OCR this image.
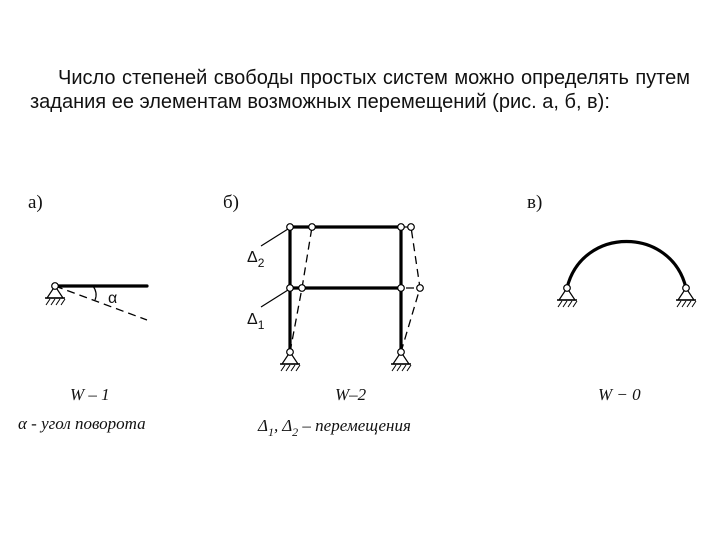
Число степеней свободы простых систем можно определять путем задания ее элементам возможных перемещений (рис. а, б, в):

а)
α
W – 1
α - угол поворота
б)
$\Delta_2$
$\Delta_1$
W–2
$\Delta_1$, $\Delta_2$ – перемещения
в)
W − 0
